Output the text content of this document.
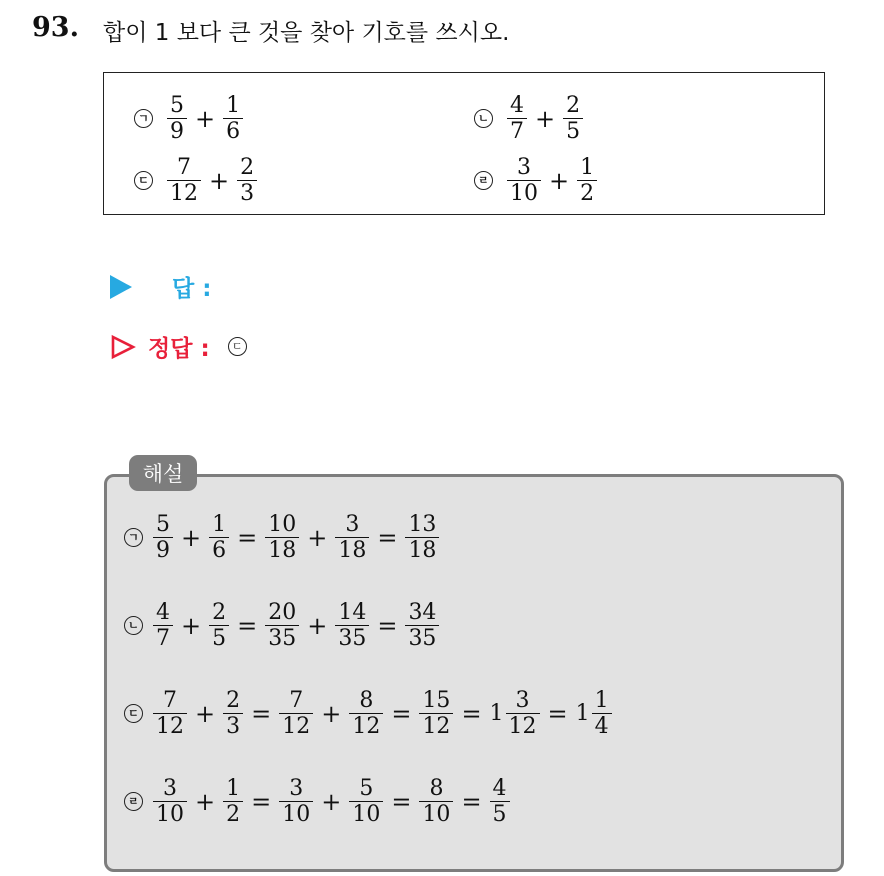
93. 합이 1 보다 큰 것을 찾아 기호를 쓰시오.
ㄱ $\frac{5}{9} + \frac{1}{6}$	ㄴ $\frac{4}{7} + \frac{2}{5}$
ㄷ $\frac{7}{12} + \frac{2}{3}$	ㄹ $\frac{3}{10} + \frac{1}{2}$
답 :
정답 :	ㄷ
해설
ㄱ $\frac{5}{9} + \frac{1}{6} = \frac{10}{18} + \frac{3}{18} = \frac{13}{18}$
ㄴ $\frac{4}{7} + \frac{2}{5} = \frac{20}{35} + \frac{14}{35} = \frac{34}{35}$
ㄷ $\frac{7}{12} + \frac{2}{3} = \frac{7}{12} + \frac{8}{12} = \frac{15}{12} = 1 \frac{3}{12} = 1 \frac{1}{4}$
ㄹ $\frac{3}{10} + \frac{1}{2} = \frac{3}{10} + \frac{5}{10} = \frac{8}{10} = \frac{4}{5}$
